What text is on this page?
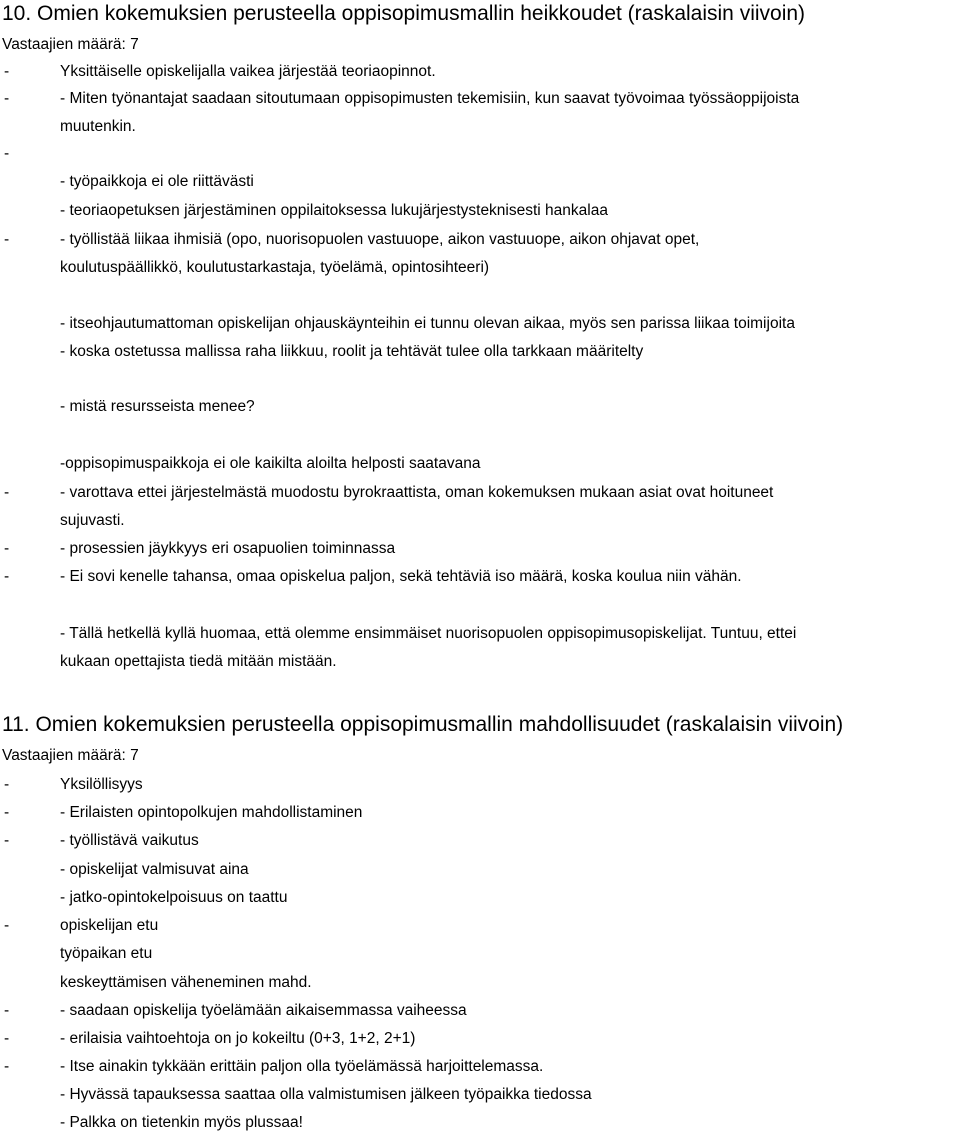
10. Omien kokemuksien perusteella oppisopimusmallin heikkoudet (raskalaisin viivoin)
Vastaajien määrä: 7
-	Yksittäiselle opiskelijalla vaikea järjestää teoriaopinnot.
-	- Miten työnantajat saadaan sitoutumaan oppisopimusten tekemisiin, kun saavat työvoimaa työssäoppijoista
muutenkin.
-
- työpaikkoja ei ole riittävästi
- teoriaopetuksen järjestäminen oppilaitoksessa lukujärjestysteknisesti hankalaa
-	- työllistää liikaa ihmisiä (opo, nuorisopuolen vastuuope, aikon vastuuope, aikon ohjavat opet,
koulutuspäällikkö, koulutustarkastaja, työelämä, opintosihteeri)
- itseohjautumattoman opiskelijan ohjauskäynteihin ei tunnu olevan aikaa, myös sen parissa liikaa toimijoita
- koska ostetussa mallissa raha liikkuu, roolit ja tehtävät tulee olla tarkkaan määritelty
- mistä resursseista menee?
-oppisopimuspaikkoja ei ole kaikilta aloilta helposti saatavana
-	- varottava ettei järjestelmästä muodostu byrokraattista, oman kokemuksen mukaan asiat ovat hoituneet
sujuvasti.
-	- prosessien jäykkyys eri osapuolien toiminnassa
-	- Ei sovi kenelle tahansa, omaa opiskelua paljon, sekä tehtäviä iso määrä, koska koulua niin vähän.
- Tällä hetkellä kyllä huomaa, että olemme ensimmäiset nuorisopuolen oppisopimusopiskelijat. Tuntuu, ettei
kukaan opettajista tiedä mitään mistään.
11. Omien kokemuksien perusteella oppisopimusmallin mahdollisuudet (raskalaisin viivoin)
Vastaajien määrä: 7
-	Yksilöllisyys
-	- Erilaisten opintopolkujen mahdollistaminen
-	- työllistävä vaikutus
- opiskelijat valmisuvat aina
- jatko-opintokelpoisuus on taattu
-	opiskelijan etu
työpaikan etu
keskeyttämisen väheneminen mahd.
-	- saadaan opiskelija työelämään aikaisemmassa vaiheessa
-	- erilaisia vaihtoehtoja on jo kokeiltu (0+3, 1+2, 2+1)
-	- Itse ainakin tykkään erittäin paljon olla työelämässä harjoittelemassa.
- Hyvässä tapauksessa saattaa olla valmistumisen jälkeen työpaikka tiedossa
- Palkka on tietenkin myös plussaa!
